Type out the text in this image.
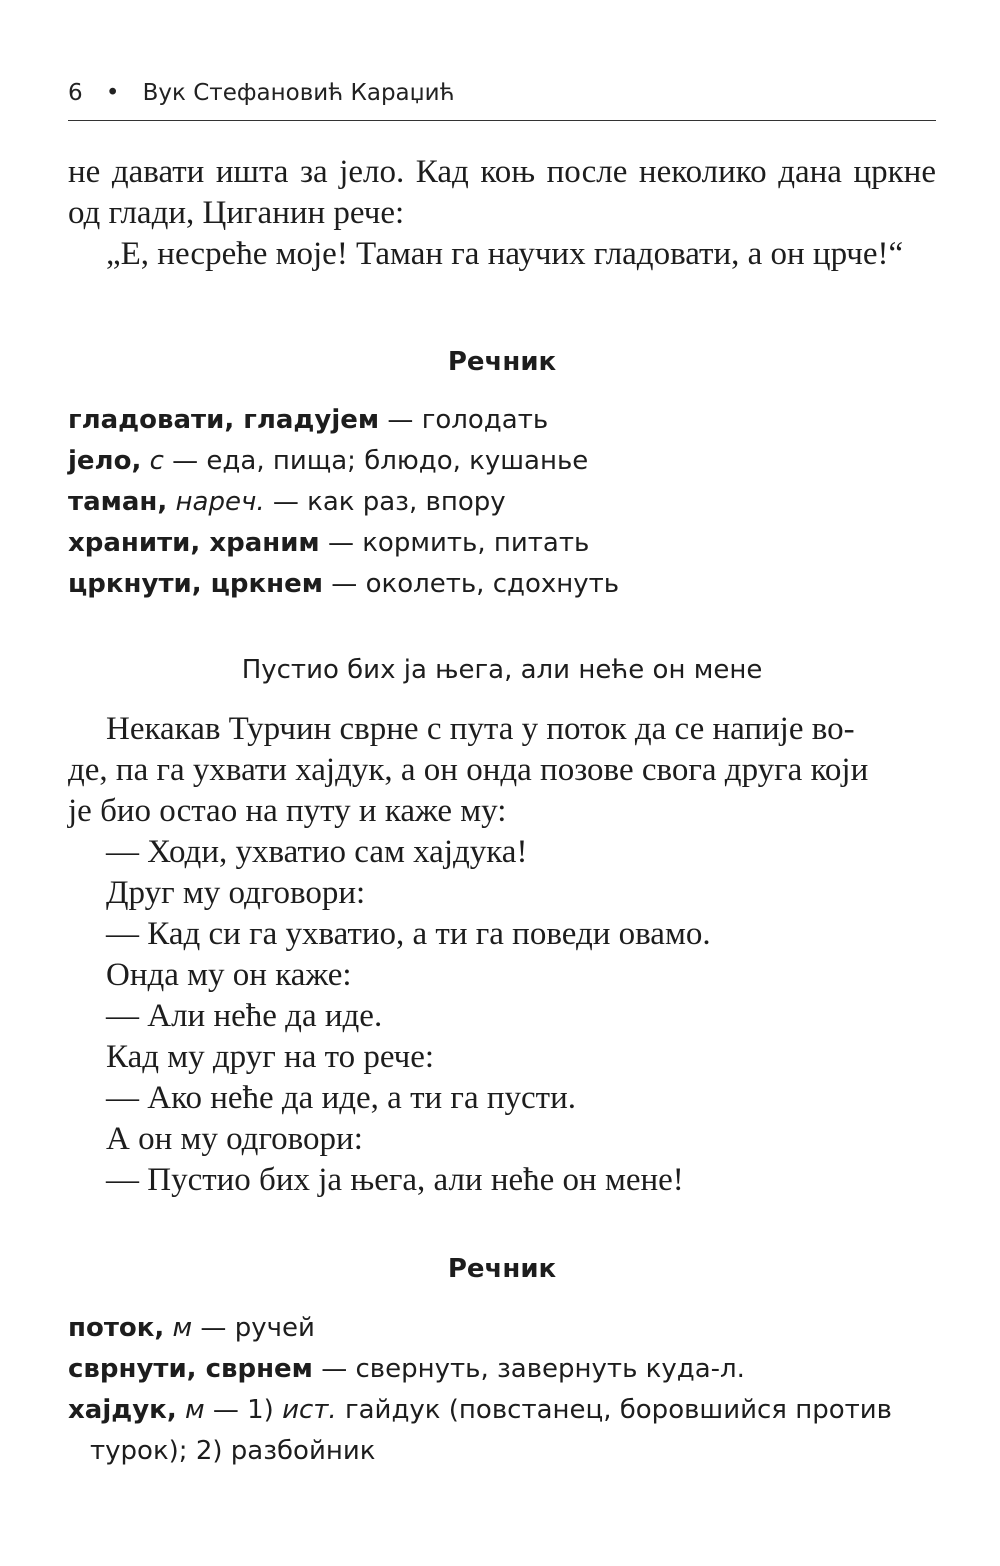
6 • Вук Стефановић Караџић

не давати ишта за јело. Кад коњ после неколико дана цркне од глади, Циганин рече:

„Е, несреће моје! Таман га научих гладовати, а он црче!“

Речник

гладовати, гладујем — голодать

јело, с — еда, пища; блюдо, кушанье

таман, нареч. — как раз, впору

хранити, храним — кормить, питать

цркнути, цркнем — околеть, сдохнуть

Пустио бих ја њега, али неће он мене

Некакав Турчин сврне с пута у поток да се напије во-

де, па га ухвати хајдук, а он онда позове свога друга који

је био остао на путу и каже му:

— Ходи, ухватио сам хајдука!

Друг му одговори:

— Кад си га ухватио, а ти га поведи овамо.

Онда му он каже:

— Али неће да иде.

Кад му друг на то рече:

— Ако неће да иде, а ти га пусти.

А он му одговори:

— Пустио бих ја њега, али неће он мене!

Речник

поток, м — ручей

сврнути, сврнем — свернуть, завернуть куда-л.

хајдук, м — 1) ист. гайдук (повстанец, боровшийся против турок); 2) разбойник
